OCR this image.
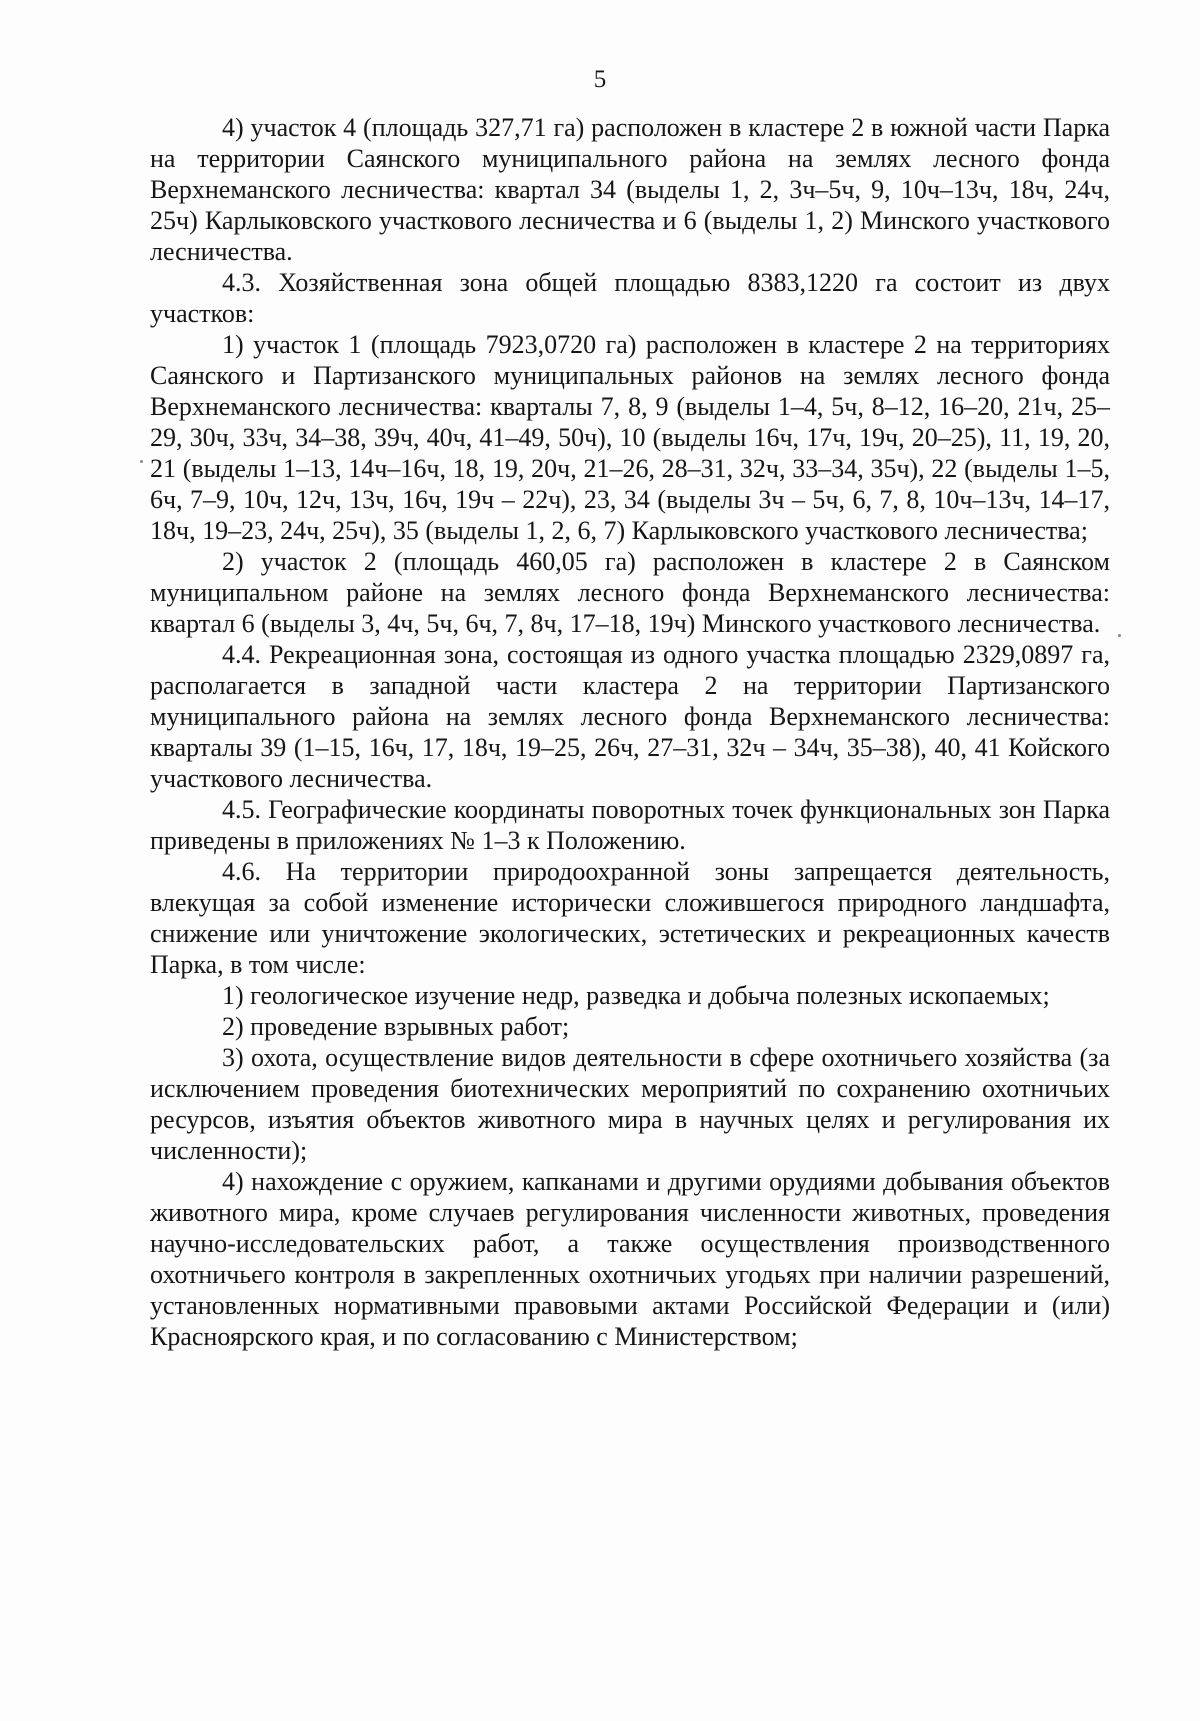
5

4) участок 4 (площадь 327,71 га) расположен в кластере 2 в южной части Парка на территории Саянского муниципального района на землях лесного фонда Верхнеманского лесничества: квартал 34 (выделы 1, 2, 3ч–5ч, 9, 10ч–13ч, 18ч, 24ч, 25ч) Карлыковского участкового лесничества и 6 (выделы 1, 2) Минского участкового лесничества.

4.3. Хозяйственная зона общей площадью 8383,1220 га состоит из двух участков:

1) участок 1 (площадь 7923,0720 га) расположен в кластере 2 на территориях Саянского и Партизанского муниципальных районов на землях лесного фонда Верхнеманского лесничества: кварталы 7, 8, 9 (выделы 1–4, 5ч, 8–12, 16–20, 21ч, 25–29, 30ч, 33ч, 34–38, 39ч, 40ч, 41–49, 50ч), 10 (выделы 16ч, 17ч, 19ч, 20–25), 11, 19, 20, 21 (выделы 1–13, 14ч–16ч, 18, 19, 20ч, 21–26, 28–31, 32ч, 33–34, 35ч), 22 (выделы 1–5, 6ч, 7–9, 10ч, 12ч, 13ч, 16ч, 19ч – 22ч), 23, 34 (выделы 3ч – 5ч, 6, 7, 8, 10ч–13ч, 14–17, 18ч, 19–23, 24ч, 25ч), 35 (выделы 1, 2, 6, 7) Карлыковского участкового лесничества;

2) участок 2 (площадь 460,05 га) расположен в кластере 2 в Саянском муниципальном районе на землях лесного фонда Верхнеманского лесничества: квартал 6 (выделы 3, 4ч, 5ч, 6ч, 7, 8ч, 17–18, 19ч) Минского участкового лесничества.

4.4. Рекреационная зона, состоящая из одного участка площадью 2329,0897 га, располагается в западной части кластера 2 на территории Партизанского муниципального района на землях лесного фонда Верхнеманского лесничества: кварталы 39 (1–15, 16ч, 17, 18ч, 19–25, 26ч, 27–31, 32ч – 34ч, 35–38), 40, 41 Койского участкового лесничества.

4.5. Географические координаты поворотных точек функциональных зон Парка приведены в приложениях № 1–3 к Положению.

4.6. На территории природоохранной зоны запрещается деятельность, влекущая за собой изменение исторически сложившегося природного ландшафта, снижение или уничтожение экологических, эстетических и рекреационных качеств Парка, в том числе:

1) геологическое изучение недр, разведка и добыча полезных ископаемых;

2) проведение взрывных работ;

3) охота, осуществление видов деятельности в сфере охотничьего хозяйства (за исключением проведения биотехнических мероприятий по сохранению охотничьих ресурсов, изъятия объектов животного мира в научных целях и регулирования их численности);

4) нахождение с оружием, капканами и другими орудиями добывания объектов животного мира, кроме случаев регулирования численности животных, проведения научно-исследовательских работ, а также осуществления производственного охотничьего контроля в закрепленных охотничьих угодьях при наличии разрешений, установленных нормативными правовыми актами Российской Федерации и (или) Красноярского края, и по согласованию с Министерством;
